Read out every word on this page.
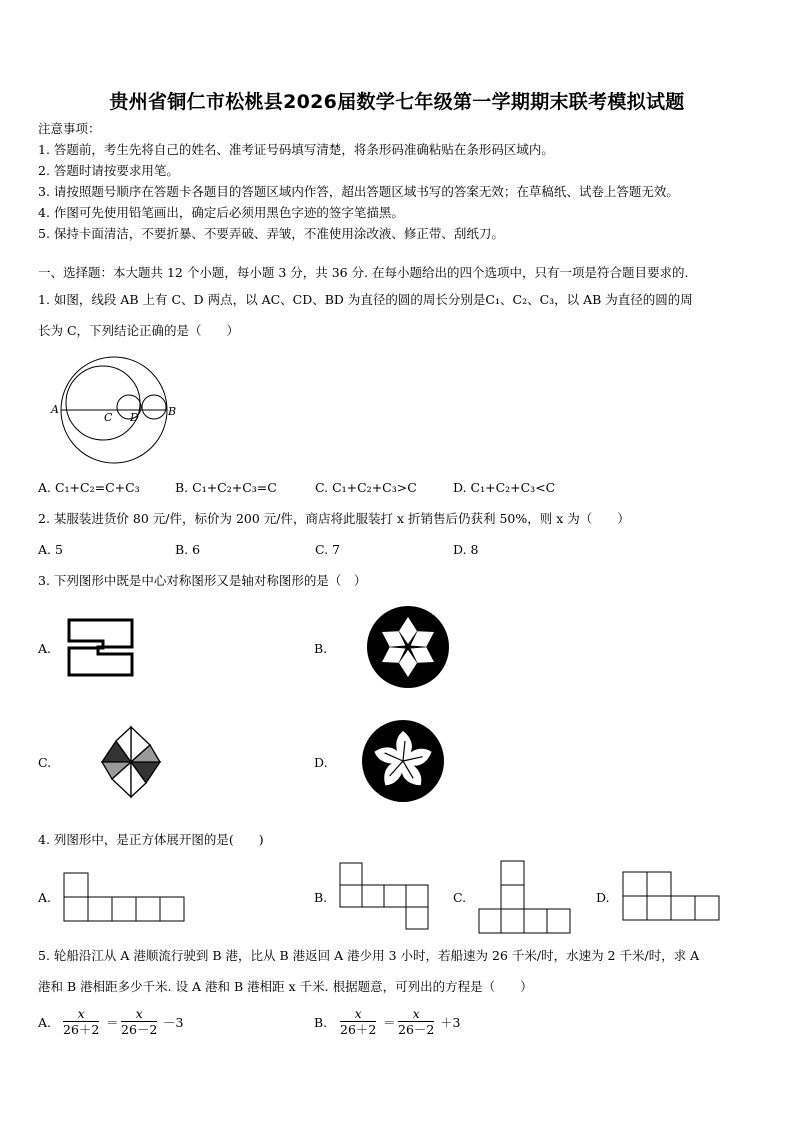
贵州省铜仁市松桃县2026届数学七年级第一学期期末联考模拟试题
注意事项：
1. 答题前，考生先将自己的姓名、准考证号码填写清楚，将条形码准确粘贴在条形码区域内。
2. 答题时请按要求用笔。
3. 请按照题号顺序在答题卡各题目的答题区域内作答，超出答题区域书写的答案无效；在草稿纸、试卷上答题无效。
4. 作图可先使用铅笔画出，确定后必须用黑色字迹的签字笔描黑。
5. 保持卡面清洁，不要折暴、不要弄破、弄皱，不准使用涂改液、修正带、刮纸刀。
一、选择题：本大题共 12 个小题，每小题 3 分，共 36 分. 在每小题给出的四个选项中，只有一项是符合题目要求的.
1. 如图，线段 AB 上有 C、D 两点，以 AC、CD、BD 为直径的圆的周长分别是C₁、C₂、C₃，以 AB 为直径的圆的周
长为 C，下列结论正确的是（　　）
A
C D	B
A. C₁+C₂=C+C₃	B. C₁+C₂+C₃=C	C. C₁+C₂+C₃>C	D. C₁+C₂+C₃<C
2. 某服装进货价 80 元/件，标价为 200 元/件，商店将此服装打 x 折销售后仍获利 50%，则 x 为（　　）
A. 5	B. 6	C. 7	D. 8
3. 下列图形中既是中心对称图形又是轴对称图形的是（　）
A.	B.
C.	D.
4. 列图形中，是正方体展开图的是(　　)
A.	B.	C.	D.
5. 轮船沿江从 A 港顺流行驶到 B 港，比从 B 港返回 A 港少用 3 小时，若船速为 26 千米/时，水速为 2 千米/时，求 A
港和 B 港相距多少千米. 设 A 港和 B 港相距 x 千米. 根据题意，可列出的方程是（　　）
A. $\frac{x}{26+2} = \frac{x}{26-2} -3$	B. $\frac{x}{26+2} = \frac{x}{26-2} +3$
